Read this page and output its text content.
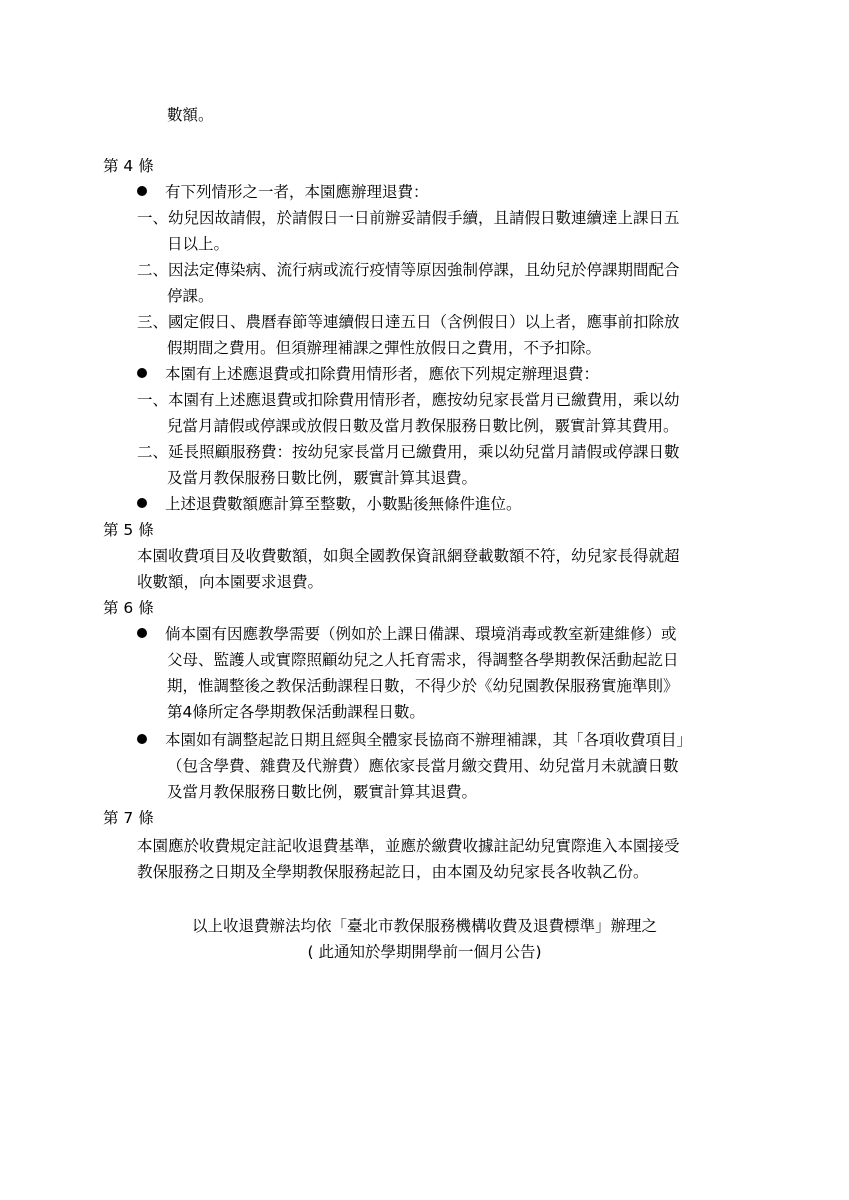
數額。
第 4 條
有下列情形之一者，本園應辦理退費：
一、幼兒因故請假，於請假日一日前辦妥請假手續，且請假日數連續達上課日五
日以上。
二、因法定傳染病、流行病或流行疫情等原因強制停課，且幼兒於停課期間配合
停課。
三、國定假日、農曆春節等連續假日達五日（含例假日）以上者，應事前扣除放
假期間之費用。但須辦理補課之彈性放假日之費用，不予扣除。
本園有上述應退費或扣除費用情形者，應依下列規定辦理退費：
一、本園有上述應退費或扣除費用情形者，應按幼兒家長當月已繳費用，乘以幼
兒當月請假或停課或放假日數及當月教保服務日數比例，覈實計算其費用。
二、延長照顧服務費：按幼兒家長當月已繳費用，乘以幼兒當月請假或停課日數
及當月教保服務日數比例，覈實計算其退費。
上述退費數額應計算至整數，小數點後無條件進位。
第 5 條
本園收費項目及收費數額，如與全國教保資訊網登載數額不符，幼兒家長得就超
收數額，向本園要求退費。
第 6 條
倘本園有因應教學需要（例如於上課日備課、環境消毒或教室新建維修）或
父母、監護人或實際照顧幼兒之人托育需求，得調整各學期教保活動起訖日
期，惟調整後之教保活動課程日數，不得少於《幼兒園教保服務實施準則》
第4條所定各學期教保活動課程日數。
本園如有調整起訖日期且經與全體家長協商不辦理補課，其「各項收費項目」
（包含學費、雜費及代辦費）應依家長當月繳交費用、幼兒當月未就讀日數
及當月教保服務日數比例，覈實計算其退費。
第 7 條
本園應於收費規定註記收退費基準，並應於繳費收據註記幼兒實際進入本園接受
教保服務之日期及全學期教保服務起訖日，由本園及幼兒家長各收執乙份。
以上收退費辦法均依「臺北市教保服務機構收費及退費標準」辦理之
( 此通知於學期開學前一個月公告)
